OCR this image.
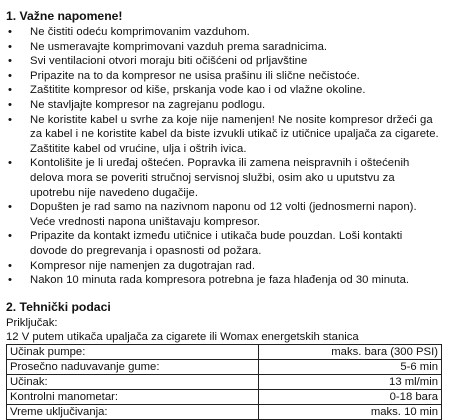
1. Važne napomene!
• Ne čistiti odeću komprimovanim vazduhom.
• Ne usmeravajte komprimovani vazduh prema saradnicima.
• Svi ventilacioni otvori moraju biti očišćeni od prljavštine
• Pripazite na to da kompresor ne usisa prašinu ili slične nečistoće.
• Zaštitite kompresor od kiše, prskanja vode kao i od vlažne okoline.
• Ne stavljajte kompresor na zagrejanu podlogu.
• Ne koristite kabel u svrhe za koje nije namenjen! Ne nosite kompresor držeći ga za kabel i ne koristite kabel da biste izvukli utikač iz utičnice upaljača za cigarete. Zaštitite kabel od vrućine, ulja i oštrih ivica.
• Kontolišite je li uređaj oštećen. Popravka ili zamena neispravnih i oštećenih delova mora se poveriti stručnoj servisnoj službi, osim ako u uputstvu za upotrebu nije navedeno dugačije.
• Dopušten je rad samo na nazivnom naponu od 12 volti (jednosmerni napon). Veće vrednosti napona uništavaju kompresor.
• Pripazite da kontakt između utičnice i utikača bude pouzdan. Loši kontakti dovode do pregrevanja i opasnosti od požara.
• Kompresor nije namenjen za dugotrajan rad.
• Nakon 10 minuta rada kompresora potrebna je faza hlađenja od 30 minuta.
2. Tehnički podaci
Priključak:
12 V putem utikača upaljača za cigarete ili Womax energetskih stanica
Učinak pumpe:	maks. bara (300 PSI)
Prosečno naduvavanje gume:	5-6 min
Učinak:	13 ml/min
Kontrolni manometar:	0-18 bara
Vreme uključivanja:	maks. 10 min
